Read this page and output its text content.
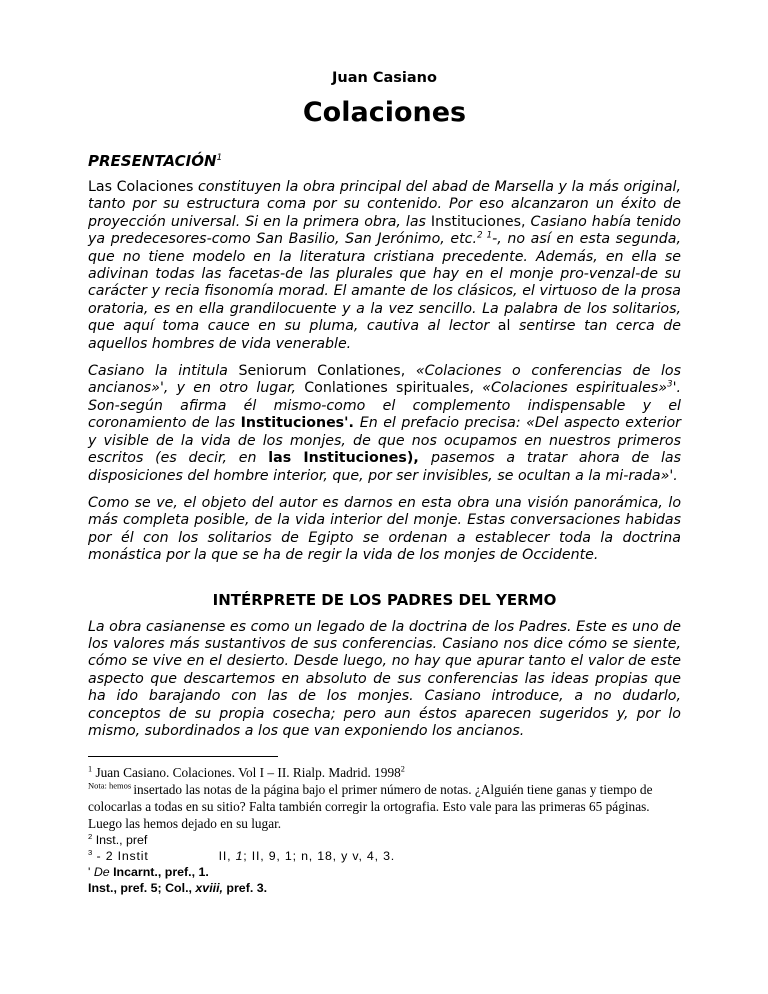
Juan Casiano
Colaciones
PRESENTACIÓN$^1$

Las Colaciones constituyen la obra principal del abad de Marsella y la más original, tanto por su estructura coma por su contenido. Por eso alcanzaron un éxito de proyección universal. Si en la primera obra, las Instituciones, Casiano había tenido ya predecesores-como San Basilio, San Jerónimo, etc.$^{2 1}$-, no así en esta segunda, que no tiene modelo en la literatura cristiana precedente. Además, en ella se adivinan todas las facetas-de las plurales que hay en el monje pro-venzal-de su carácter y recia fisonomía morad. El amante de los clásicos, el virtuoso de la prosa oratoria, es en ella grandilocuente y a la vez sencillo. La palabra de los solitarios, que aquí toma cauce en su pluma, cautiva al lector al sentirse tan cerca de aquellos hombres de vida venerable.

Casiano la intitula Seniorum Conlationes, «Colaciones o conferencias de los ancianos»', y en otro lugar, Conlationes spirituales, «Colaciones espirituales»$^3$'. Son-según afirma él mismo-como el complemento indispensable y el coronamiento de las Instituciones'. En el prefacio precisa: «Del aspecto exterior y visible de la vida de los monjes, de que nos ocupamos en nuestros primeros escritos (es decir, en las Instituciones), pasemos a tratar ahora de las disposiciones del hombre interior, que, por ser invisibles, se ocultan a la mi-rada»'.

Como se ve, el objeto del autor es darnos en esta obra una visión panorámica, lo más completa posible, de la vida interior del monje. Estas conversaciones habidas por él con los solitarios de Egipto se ordenan a establecer toda la doctrina monástica por la que se ha de regir la vida de los monjes de Occidente.

INTÉRPRETE DE LOS PADRES DEL YERMO

La obra casianense es como un legado de la doctrina de los Padres. Este es uno de los valores más sustantivos de sus conferencias. Casiano nos dice cómo se siente, cómo se vive en el desierto. Desde luego, no hay que apurar tanto el valor de este aspecto que descartemos en absoluto de sus conferencias las ideas propias que ha ido barajando con las de los monjes. Casiano introduce, a no dudarlo, conceptos de su propia cosecha; pero aun éstos aparecen sugeridos y, por lo mismo, subordinados a los que van exponiendo los ancianos.

$^1$ Juan Casiano. Colaciones. Vol I – II. Rialp. Madrid. 1998$^2$
$^{Nota: hemos}$ insertado las notas de la página bajo el primer número de notas. ¿Alguién tiene ganas y tiempo de colocarlas a todas en su sitio? Falta también corregir la ortografia. Esto vale para las primeras 65 páginas. Luego las hemos dejado en su lugar.
$^2$ Inst., pref
$^3$ - 2 Instit	II, 1; II, 9, 1; n, 18, y v, 4, 3.
' De Incarnt., pref., 1.
Inst., pref. 5; Col., xviii, pref. 3.
